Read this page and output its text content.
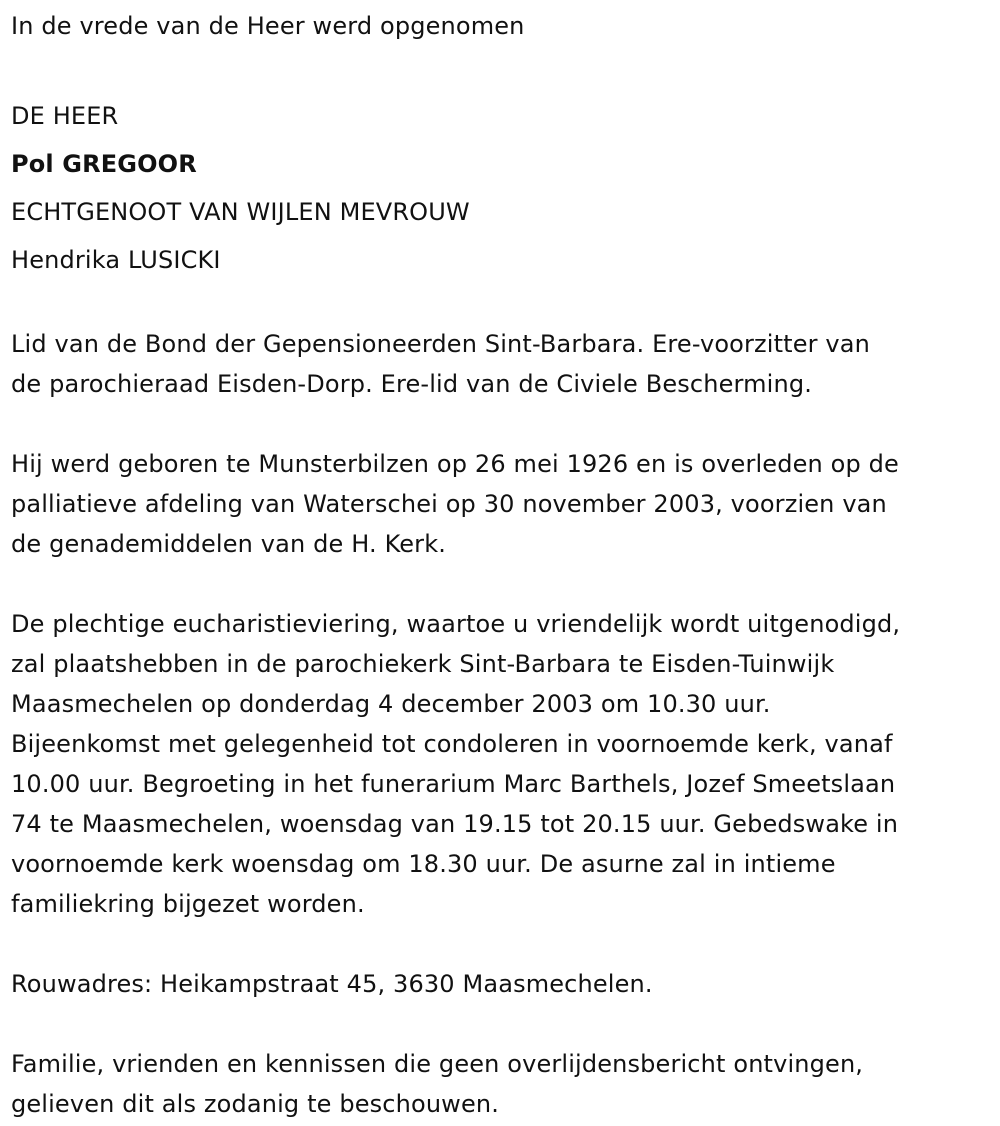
In de vrede van de Heer werd opgenomen
DE HEER
Pol GREGOOR
ECHTGENOOT VAN WIJLEN MEVROUW
Hendrika LUSICKI
Lid van de Bond der Gepensioneerden Sint-Barbara. Ere-voorzitter van
de parochieraad Eisden-Dorp. Ere-lid van de Civiele Bescherming.
Hij werd geboren te Munsterbilzen op 26 mei 1926 en is overleden op de
palliatieve afdeling van Waterschei op 30 november 2003, voorzien van
de genademiddelen van de H. Kerk.
De plechtige eucharistieviering, waartoe u vriendelijk wordt uitgenodigd,
zal plaatshebben in de parochiekerk Sint-Barbara te Eisden-Tuinwijk
Maasmechelen op donderdag 4 december 2003 om 10.30 uur.
Bijeenkomst met gelegenheid tot condoleren in voornoemde kerk, vanaf
10.00 uur. Begroeting in het funerarium Marc Barthels, Jozef Smeetslaan
74 te Maasmechelen, woensdag van 19.15 tot 20.15 uur. Gebedswake in
voornoemde kerk woensdag om 18.30 uur. De asurne zal in intieme
familiekring bijgezet worden.
Rouwadres: Heikampstraat 45, 3630 Maasmechelen.
Familie, vrienden en kennissen die geen overlijdensbericht ontvingen,
gelieven dit als zodanig te beschouwen.
